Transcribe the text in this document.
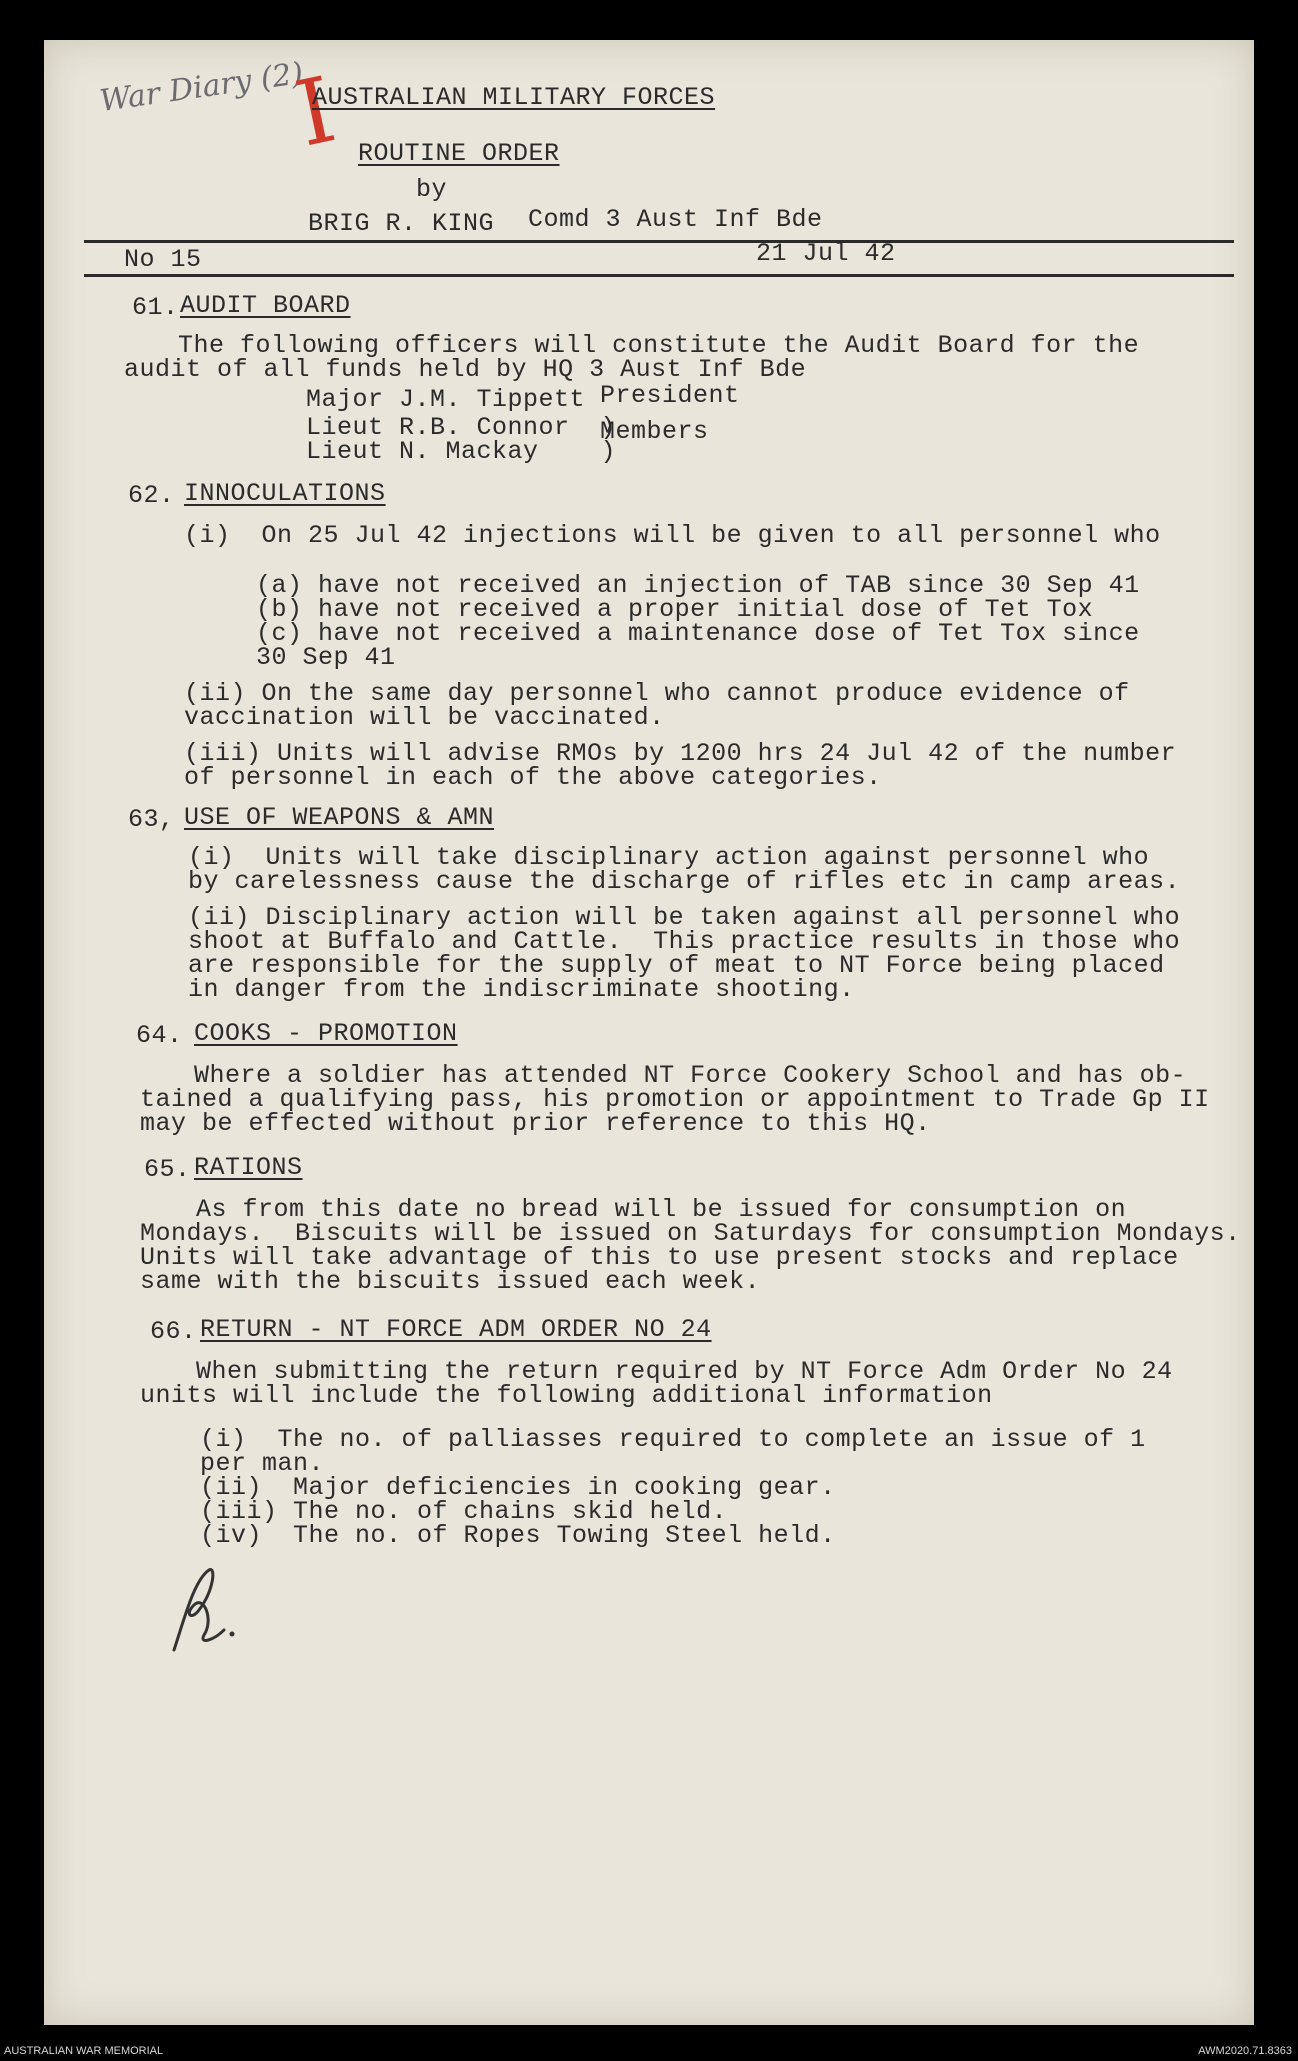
War Diary (2)
I
AUSTRALIAN MILITARY FORCES
ROUTINE ORDER
by
BRIG R. KING Comd 3 Aust Inf Bde
No 15	21 Jul 42
61. AUDIT BOARD
The following officers will constitute the Audit Board for the
audit of all funds held by HQ 3 Aust Inf Bde
Major J.M. Tippett President
Lieut R.B. Connor  )
Members
Lieut N. Mackay    )
62. INNOCULATIONS
(i)  On 25 Jul 42 injections will be given to all personnel who
(a) have not received an injection of TAB since 30 Sep 41
(b) have not received a proper initial dose of Tet Tox
(c) have not received a maintenance dose of Tet Tox since
30 Sep 41
(ii) On the same day personnel who cannot produce evidence of
vaccination will be vaccinated.
(iii) Units will advise RMOs by 1200 hrs 24 Jul 42 of the number
of personnel in each of the above categories.
63, USE OF WEAPONS & AMN
(i)  Units will take disciplinary action against personnel who
by carelessness cause the discharge of rifles etc in camp areas.
(ii) Disciplinary action will be taken against all personnel who
shoot at Buffalo and Cattle.  This practice results in those who
are responsible for the supply of meat to NT Force being placed
in danger from the indiscriminate shooting.
64. COOKS - PROMOTION
Where a soldier has attended NT Force Cookery School and has ob-
tained a qualifying pass, his promotion or appointment to Trade Gp II
may be effected without prior reference to this HQ.
65. RATIONS
As from this date no bread will be issued for consumption on
Mondays.  Biscuits will be issued on Saturdays for consumption Mondays.
Units will take advantage of this to use present stocks and replace
same with the biscuits issued each week.
66. RETURN - NT FORCE ADM ORDER NO 24
When submitting the return required by NT Force Adm Order No 24
units will include the following additional information
(i)  The no. of palliasses required to complete an issue of 1
per man.
(ii)  Major deficiencies in cooking gear.
(iii) The no. of chains skid held.
(iv)  The no. of Ropes Towing Steel held.
AUSTRALIAN WAR MEMORIAL	AWM2020.71.8363
